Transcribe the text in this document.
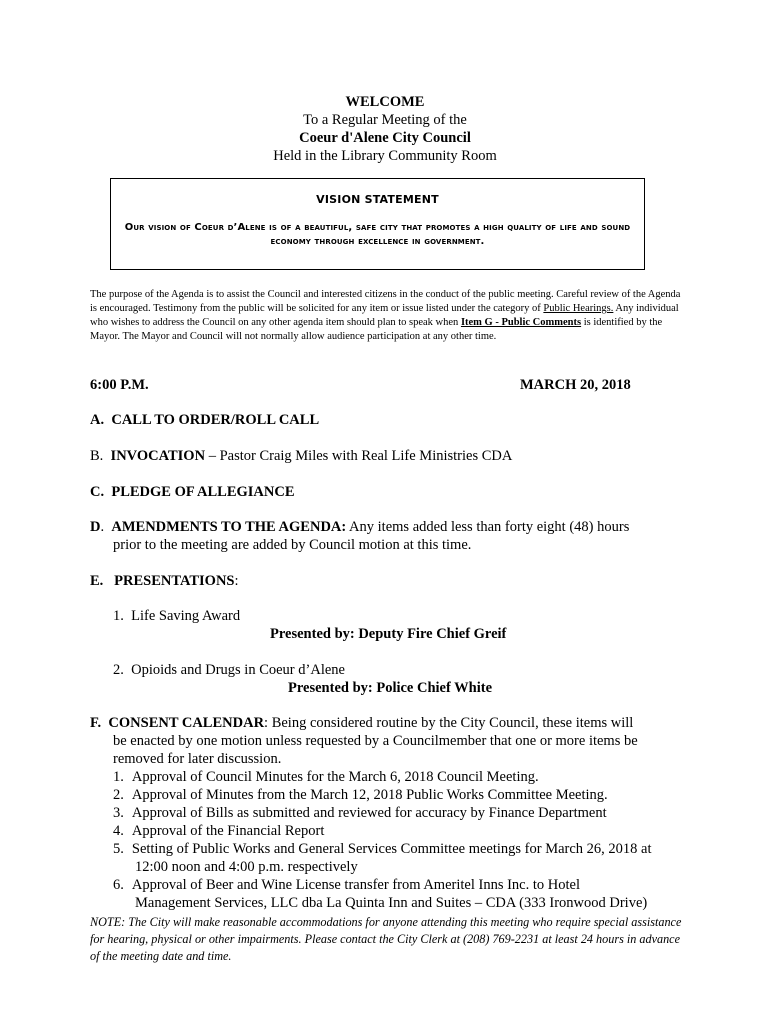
WELCOME
To a Regular Meeting of the
Coeur d'Alene City Council
Held in the Library Community Room
VISION STATEMENT
Our vision of Coeur d’Alene is of a beautiful, safe city that promotes a high quality of life and sound economy through excellence in government.
The purpose of the Agenda is to assist the Council and interested citizens in the conduct of the public meeting. Careful review of the Agenda is encouraged. Testimony from the public will be solicited for any item or issue listed under the category of Public Hearings. Any individual who wishes to address the Council on any other agenda item should plan to speak when Item G - Public Comments is identified by the Mayor. The Mayor and Council will not normally allow audience participation at any other time.
6:00 P.M.	MARCH 20, 2018
A. CALL TO ORDER/ROLL CALL
B. INVOCATION – Pastor Craig Miles with Real Life Ministries CDA
C. PLEDGE OF ALLEGIANCE
D. AMENDMENTS TO THE AGENDA: Any items added less than forty eight (48) hours
prior to the meeting are added by Council motion at this time.
E. PRESENTATIONS:
1. Life Saving Award
Presented by: Deputy Fire Chief Greif
2. Opioids and Drugs in Coeur d’Alene
Presented by: Police Chief White
F. CONSENT CALENDAR: Being considered routine by the City Council, these items will
be enacted by one motion unless requested by a Councilmember that one or more items be
removed for later discussion.
1. Approval of Council Minutes for the March 6, 2018 Council Meeting.
2. Approval of Minutes from the March 12, 2018 Public Works Committee Meeting.
3. Approval of Bills as submitted and reviewed for accuracy by Finance Department
4. Approval of the Financial Report
5. Setting of Public Works and General Services Committee meetings for March 26, 2018 at
12:00 noon and 4:00 p.m. respectively
6. Approval of Beer and Wine License transfer from Ameritel Inns Inc. to Hotel
Management Services, LLC dba La Quinta Inn and Suites – CDA (333 Ironwood Drive)
NOTE: The City will make reasonable accommodations for anyone attending this meeting who require special assistance for hearing, physical or other impairments. Please contact the City Clerk at (208) 769-2231 at least 24 hours in advance of the meeting date and time.
